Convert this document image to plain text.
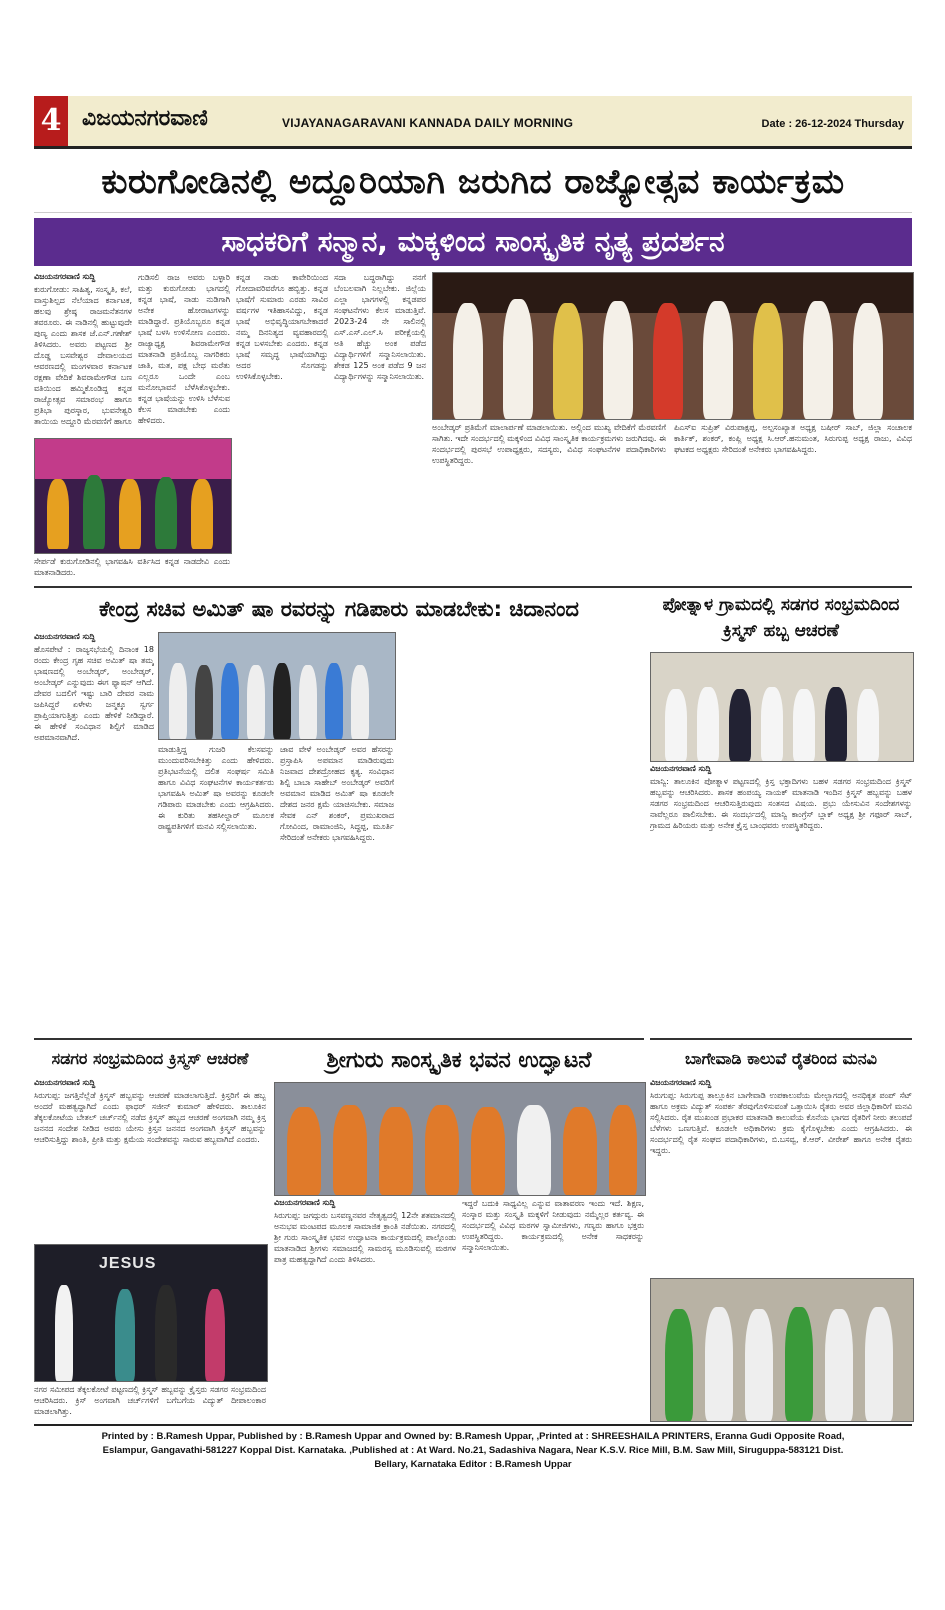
4 ವಿಜಯನಗರವಾಣಿ	VIJAYANAGARAVANI KANNADA DAILY MORNING	Date : 26-12-2024 Thursday
ಕುರುಗೋಡಿನಲ್ಲಿ ಅದ್ದೂರಿಯಾಗಿ ಜರುಗಿದ ರಾಜ್ಯೋತ್ಸವ ಕಾರ್ಯಕ್ರಮ
ಸಾಧಕರಿಗೆ ಸನ್ಮಾನ, ಮಕ್ಕಳಿಂದ ಸಾಂಸ್ಕೃತಿಕ ನೃತ್ಯ ಪ್ರದರ್ಶನ
ವಿಜಯನಗರವಾಣಿ ಸುದ್ದಿ
ಕುರುಗೋಡು: ಸಾಹಿತ್ಯ, ಸಂಸ್ಕೃತಿ, ಕಲೆ, ವಾಸ್ತುಶಿಲ್ಪದ ನೆಲೆಯಾದ ಕರ್ನಾಟಕ, ಹಲವು ಶ್ರೇಷ್ಠ ರಾಜಮನೆತನಗಳ ತವರೂರು. ಈ ನಾಡಿನಲ್ಲಿ ಹುಟ್ಟುವುದೇ ಪುಣ್ಯ ಎಂದು ಶಾಸಕ ಜೆ.ಎನ್.ಗಣೇಶ್ ತಿಳಿಸಿದರು. ಅವರು ಪಟ್ಟಣದ ಶ್ರೀ ದೊಡ್ಡ ಬಸವೇಶ್ವರ ದೇವಾಲಯದ ಆವರಣದಲ್ಲಿ ಮಂಗಳವಾರ ಕರ್ನಾಟಕ ರಕ್ಷಣಾ ವೇದಿಕೆ ಶಿವರಾಮೇಗೌಡ ಬಣ ವತಿಯಿಂದ ಹಮ್ಮಿಕೊಂಡಿದ್ದ ಕನ್ನಡ ರಾಜ್ಯೋತ್ಸವ ಸಮಾರಂಭ ಹಾಗೂ ಪ್ರತಿಭಾ ಪುರಸ್ಕಾರ, ಭುವನೇಶ್ವರಿ ತಾಯಿಯ ಅದ್ದೂರಿ ಮೆರವಣಿಗೆ ಹಾಗೂ
ಗುಡಿಸಲಿ ರಾಜ ಅವರು ಬಳ್ಳಾರಿ ಮತ್ತು ಕುರುಗೋಡು ಭಾಗದಲ್ಲಿ ಕನ್ನಡ ಭಾಷೆ, ನಾಡು ನುಡಿಗಾಗಿ ಅನೇಕ ಹೋರಾಟಗಳನ್ನು ಮಾಡಿದ್ದಾರೆ. ಪ್ರತಿಯೊಬ್ಬರೂ ಕನ್ನಡ ಭಾಷೆ ಬಳಸಿ ಉಳಿಸೋಣ ಎಂದರು. ರಾಜ್ಯಾಧ್ಯಕ್ಷ ಶಿವರಾಮೇಗೌಡ ಮಾತನಾಡಿ ಪ್ರತಿಯೊಬ್ಬ ನಾಗರಿಕರು ಜಾತಿ, ಮತ, ಪಕ್ಷ ಬೇಧ ಮರೆತು ಎಲ್ಲರೂ ಒಂದೇ ಎಂಬ ಮನೋಭಾವನೆ ಬೆಳೆಸಿಕೊಳ್ಳಬೇಕು. ಕನ್ನಡ ಭಾಷೆಯನ್ನು ಉಳಿಸಿ ಬೆಳೆಸುವ ಕೆಲಸ ಮಾಡಬೇಕು ಎಂದು ಹೇಳಿದರು.
ಸೇರ್ಪಡೆ ಕುರುಗೋಡಿನಲ್ಲಿ ಭಾಗವಹಿಸಿ ವರ್ತಿಸಿದ ಕನ್ನಡ ನಾಡದೇವಿ ಎಂದು ಮಾತನಾಡಿದರು.
ಕನ್ನಡ ನಾಡು ಕಾವೇರಿಯಿಂದ ಗೋದಾವರಿವರೆಗೂ ಹಬ್ಬಿತ್ತು. ಕನ್ನಡ ಭಾಷೆಗೆ ಸುಮಾರು ಎರಡು ಸಾವಿರ ವರ್ಷಗಳ ಇತಿಹಾಸವಿದ್ದು, ಕನ್ನಡ ಭಾಷೆ ಅಭಿವೃದ್ಧಿಯಾಗಬೇಕಾದರೆ ನಮ್ಮ ದಿನನಿತ್ಯದ ವ್ಯವಹಾರದಲ್ಲಿ ಕನ್ನಡ ಬಳಸಬೇಕು ಎಂದರು. ಕನ್ನಡ ಭಾಷೆ ಸಮೃದ್ಧ ಭಾಷೆಯಾಗಿದ್ದು ಅದರ ಸೊಗಡನ್ನು ಉಳಿಸಿಕೊಳ್ಳಬೇಕು.
ಸದಾ ಬದ್ಧರಾಗಿದ್ದು ನನಗೆ ಬೆಂಬಲವಾಗಿ ನಿಲ್ಲಬೇಕು. ಜಿಲ್ಲೆಯ ಎಲ್ಲಾ ಭಾಗಗಳಲ್ಲಿ ಕನ್ನಡಪರ ಸಂಘಟನೆಗಳು ಕೆಲಸ ಮಾಡುತ್ತಿವೆ. 2023-24 ನೇ ಸಾಲಿನಲ್ಲಿ ಎಸ್.ಎಸ್.ಎಲ್.ಸಿ ಪರೀಕ್ಷೆಯಲ್ಲಿ ಅತಿ ಹೆಚ್ಚು ಅಂಕ ಪಡೆದ ವಿದ್ಯಾರ್ಥಿಗಳಿಗೆ ಸನ್ಮಾನಿಸಲಾಯಿತು. ಶೇಕಡ 125 ಅಂಕ ಪಡೆದ 9 ಜನ ವಿದ್ಯಾರ್ಥಿಗಳನ್ನು ಸನ್ಮಾನಿಸಲಾಯಿತು.
ಅಂಬೇಡ್ಕರ್ ಪ್ರತಿಮೆಗೆ ಮಾಲಾರ್ಪಣೆ ಮಾಡಲಾಯಿತು. ಅಲ್ಲಿಂದ ಮುಖ್ಯ ವೇದಿಕೆಗೆ ಮೆರವಣಿಗೆ ಸಾಗಿತು. ಇದೇ ಸಂದರ್ಭದಲ್ಲಿ ಮಕ್ಕಳಿಂದ ವಿವಿಧ ಸಾಂಸ್ಕೃತಿಕ ಕಾರ್ಯಕ್ರಮಗಳು ಜರುಗಿದವು. ಈ ಸಂದರ್ಭದಲ್ಲಿ ಪುರಸಭೆ ಉಪಾಧ್ಯಕ್ಷರು, ಸದಸ್ಯರು, ವಿವಿಧ ಸಂಘಟನೆಗಳ ಪದಾಧಿಕಾರಿಗಳು ಉಪಸ್ಥಿತರಿದ್ದರು.
ಪಿಎಸ್ಐ ಸುಪ್ರಿತ್ ವಿರುಪಾಕ್ಷಪ್ಪ, ಅಲ್ಪಸಂಖ್ಯಾತ ಅಧ್ಯಕ್ಷ ಬಷೀರ್ ಸಾಬ್, ಜಿಲ್ಲಾ ಸಂಚಾಲಕ ಕಾರ್ತಿಕ್, ಶಂಕರ್, ಕಂಪ್ಲಿ ಅಧ್ಯಕ್ಷ ಸಿ.ಆರ್.ಹನುಮಂತ, ಸಿರುಗುಪ್ಪ ಅಧ್ಯಕ್ಷ ರಾಜು, ವಿವಿಧ ಘಟಕದ ಅಧ್ಯಕ್ಷರು ಸೇರಿದಂತೆ ಅನೇಕರು ಭಾಗವಹಿಸಿದ್ದರು.
ಕೇಂದ್ರ ಸಚಿವ ಅಮಿತ್ ಷಾ ರವರನ್ನು ಗಡಿಪಾರು ಮಾಡಬೇಕು: ಚಿದಾನಂದ
ವಿಜಯನಗರವಾಣಿ ಸುದ್ದಿ
ಹೊಸಪೇಟೆ : ರಾಜ್ಯಸಭೆಯಲ್ಲಿ ದಿನಾಂಕ 18 ರಂದು ಕೇಂದ್ರ ಗೃಹ ಸಚಿವ ಅಮಿತ್ ಷಾ ತಮ್ಮ ಭಾಷಣದಲ್ಲಿ ಅಂಬೇಡ್ಕರ್, ಅಂಬೇಡ್ಕರ್, ಅಂಬೇಡ್ಕರ್ ಎನ್ನುವುದು ಈಗ ಫ್ಯಾಷನ್ ಆಗಿದೆ. ದೇವರ ಬದಲಿಗೆ ಇಷ್ಟು ಬಾರಿ ದೇವರ ನಾಮ ಜಪಿಸಿದ್ದರೆ ಏಳೇಳು ಜನ್ಮಕ್ಕೂ ಸ್ವರ್ಗ ಪ್ರಾಪ್ತಿಯಾಗುತ್ತಿತ್ತು ಎಂದು ಹೇಳಿಕೆ ನೀಡಿದ್ದಾರೆ. ಈ ಹೇಳಿಕೆ ಸಂವಿಧಾನ ಶಿಲ್ಪಿಗೆ ಮಾಡಿದ ಅಪಮಾನವಾಗಿದೆ.
ಮಾಡುತ್ತಿದ್ದ ಗುಜರಿ ಕೆಲಸವನ್ನು ಮುಂದುವರಿಸಬೇಕಿತ್ತು ಎಂದು ಹೇಳಿದರು. ಪ್ರತಿಭಟನೆಯಲ್ಲಿ ದಲಿತ ಸಂಘರ್ಷ ಸಮಿತಿ ಹಾಗೂ ವಿವಿಧ ಸಂಘಟನೆಗಳ ಕಾರ್ಯಕರ್ತರು ಭಾಗವಹಿಸಿ ಅಮಿತ್ ಷಾ ಅವರನ್ನು ಕೂಡಲೇ ಗಡಿಪಾರು ಮಾಡಬೇಕು ಎಂದು ಆಗ್ರಹಿಸಿದರು. ಈ ಕುರಿತು ತಹಸೀಲ್ದಾರ್ ಮೂಲಕ ರಾಷ್ಟ್ರಪತಿಗಳಿಗೆ ಮನವಿ ಸಲ್ಲಿಸಲಾಯಿತು.
ಜಾವ ವೇಳೆ ಅಂಬೇಡ್ಕರ್ ಅವರ ಹೆಸರನ್ನು ಪ್ರಸ್ತಾಪಿಸಿ ಅಪಮಾನ ಮಾಡಿರುವುದು ನಿಜವಾದ ದೇಶದ್ರೋಹದ ಕೃತ್ಯ. ಸಂವಿಧಾನ ಶಿಲ್ಪಿ ಬಾಬಾ ಸಾಹೇಬ್ ಅಂಬೇಡ್ಕರ್ ಅವರಿಗೆ ಅವಮಾನ ಮಾಡಿದ ಅಮಿತ್ ಷಾ ಕೂಡಲೇ ದೇಶದ ಜನರ ಕ್ಷಮೆ ಯಾಚಿಸಬೇಕು. ಸಮಾಜ ಸೇವಕ ಎನ್ ಶಂಕರ್, ಪ್ರಮುಖರಾದ ಗೋವಿಂದ, ರಾಮಾಂಜಿನಿ, ಸಿದ್ಧಪ್ಪ, ಮೂರ್ತಿ ಸೇರಿದಂತೆ ಅನೇಕರು ಭಾಗವಹಿಸಿದ್ದರು.
ಪೋತ್ನಾಳ ಗ್ರಾಮದಲ್ಲಿ ಸಡಗರ ಸಂಭ್ರಮದಿಂದ ಕ್ರಿಸ್ಮಸ್ ಹಬ್ಬ ಆಚರಣೆ
ವಿಜಯನಗರವಾಣಿ ಸುದ್ದಿ
ಮಾನ್ವಿ: ತಾಲೂಕಿನ ಪೋತ್ನಾಳ ಪಟ್ಟಣದಲ್ಲಿ ಕ್ರಿಸ್ತ ಭಕ್ತಾದಿಗಳು ಬಹಳ ಸಡಗರ ಸಂಭ್ರಮದಿಂದ ಕ್ರಿಸ್ಮಸ್ ಹಬ್ಬವನ್ನು ಆಚರಿಸಿದರು. ಶಾಸಕ ಹಂಪಯ್ಯ ನಾಯಕ್ ಮಾತನಾಡಿ ಇಂದಿನ ಕ್ರಿಸ್ಮಸ್ ಹಬ್ಬವನ್ನು ಬಹಳ ಸಡಗರ ಸಂಭ್ರಮದಿಂದ ಆಚರಿಸುತ್ತಿರುವುದು ಸಂತಸದ ವಿಷಯ. ಪ್ರಭು ಯೇಸುವಿನ ಸಂದೇಶಗಳನ್ನು ನಾವೆಲ್ಲರೂ ಪಾಲಿಸಬೇಕು. ಈ ಸಂದರ್ಭದಲ್ಲಿ ಮಾನ್ವಿ ಕಾಂಗ್ರೆಸ್ ಬ್ಲಾಕ್ ಅಧ್ಯಕ್ಷ ಶ್ರೀ ಗಫೂರ್ ಸಾಬ್, ಗ್ರಾಮದ ಹಿರಿಯರು ಮತ್ತು ಅನೇಕ ಕ್ರೈಸ್ತ ಬಾಂಧವರು ಉಪಸ್ಥಿತರಿದ್ದರು.
ಸಡಗರ ಸಂಭ್ರಮದಿಂದ ಕ್ರಿಸ್ಮಸ್ ಆಚರಣೆ
ವಿಜಯನಗರವಾಣಿ ಸುದ್ದಿ
ಸಿರುಗುಪ್ಪ: ಜಗತ್ತಿನೆಲ್ಲೆಡೆ ಕ್ರಿಸ್ಮಸ್ ಹಬ್ಬವನ್ನು ಆಚರಣೆ ಮಾಡಲಾಗುತ್ತಿದೆ. ಕ್ರಿಸ್ತರಿಗೆ ಈ ಹಬ್ಬ ಅಂದರೆ ಮಹತ್ವದ್ದಾಗಿದೆ ಎಂದು ಫಾಧರ್ ಸಜೀನ್ ಕುಮಾರ್ ಹೇಳಿದರು. ತಾಲೂಕಿನ ತೆಕ್ಕಲಕೋಟೆಯ ಬೇತಲ್ ಚರ್ಚ್‌ನಲ್ಲಿ ನಡೆದ ಕ್ರಿಸ್ಮಸ್ ಹಬ್ಬದ ಆಚರಣೆ ಅಂಗವಾಗಿ ನಮ್ಮ ಕ್ರಿಸ್ತ ಜನನದ ಸಂದೇಶ ನೀಡಿದ ಅವರು ಯೇಸು ಕ್ರಿಸ್ತನ ಜನನದ ಅಂಗವಾಗಿ ಕ್ರಿಸ್ಮಸ್ ಹಬ್ಬವನ್ನು ಆಚರಿಸುತ್ತಿದ್ದು ಶಾಂತಿ, ಪ್ರೀತಿ ಮತ್ತು ಕ್ಷಮೆಯ ಸಂದೇಶವನ್ನು ಸಾರುವ ಹಬ್ಬವಾಗಿದೆ ಎಂದರು.
JESUS
ನಗರ ಸಮೀಪದ ತೆಕ್ಕಲಕೋಟೆ ಪಟ್ಟಣದಲ್ಲಿ ಕ್ರಿಸ್ಮಸ್ ಹಬ್ಬವನ್ನು ಕ್ರೈಸ್ತರು ಸಡಗರ ಸಂಭ್ರಮದಿಂದ ಆಚರಿಸಿದರು. ಕ್ರಿಸ್ ಅಂಗವಾಗಿ ಚರ್ಚ್‌ಗಳಿಗೆ ಬಗೆಬಗೆಯ ವಿದ್ಯುತ್ ದೀಪಾಲಂಕಾರ ಮಾಡಲಾಗಿತ್ತು.
ಶ್ರೀಗುರು ಸಾಂಸ್ಕೃತಿಕ ಭವನ ಉದ್ಘಾಟನೆ
ವಿಜಯನಗರವಾಣಿ ಸುದ್ದಿ
ಸಿರುಗುಪ್ಪ: ಜಗದ್ಗುರು ಬಸವಣ್ಣನವರ ನೇತೃತ್ವದಲ್ಲಿ 12ನೇ ಶತಮಾನದಲ್ಲಿ ಅನುಭವ ಮಂಟಪದ ಮೂಲಕ ಸಾಮಾಜಿಕ ಕ್ರಾಂತಿ ನಡೆಯಿತು. ನಗರದಲ್ಲಿ ಶ್ರೀ ಗುರು ಸಾಂಸ್ಕೃತಿಕ ಭವನ ಉದ್ಘಾಟನಾ ಕಾರ್ಯಕ್ರಮದಲ್ಲಿ ಪಾಲ್ಗೊಂಡು ಮಾತನಾಡಿದ ಶ್ರೀಗಳು ಸಮಾಜದಲ್ಲಿ ಸಾಮರಸ್ಯ ಮೂಡಿಸುವಲ್ಲಿ ಮಠಗಳ ಪಾತ್ರ ಮಹತ್ವದ್ದಾಗಿದೆ ಎಂದು ತಿಳಿಸಿದರು.
ಇದ್ದರೆ ಬದುಕಿ ಸಾಧ್ಯವಿಲ್ಲ ಎನ್ನುವ ವಾತಾವರಣ ಇಂದು ಇದೆ. ಶಿಕ್ಷಣ, ಸಂಸ್ಕಾರ ಮತ್ತು ಸಂಸ್ಕೃತಿ ಮಕ್ಕಳಿಗೆ ನೀಡುವುದು ನಮ್ಮೆಲ್ಲರ ಕರ್ತವ್ಯ. ಈ ಸಂದರ್ಭದಲ್ಲಿ ವಿವಿಧ ಮಠಗಳ ಸ್ವಾಮೀಜಿಗಳು, ಗಣ್ಯರು ಹಾಗೂ ಭಕ್ತರು ಉಪಸ್ಥಿತರಿದ್ದರು. ಕಾರ್ಯಕ್ರಮದಲ್ಲಿ ಅನೇಕ ಸಾಧಕರನ್ನು ಸನ್ಮಾನಿಸಲಾಯಿತು.
ಬಾಗೇವಾಡಿ ಕಾಲುವೆ ರೈತರಿಂದ ಮನವಿ
ವಿಜಯನಗರವಾಣಿ ಸುದ್ದಿ
ಸಿರುಗುಪ್ಪ: ಸಿರುಗುಪ್ಪ ತಾಲ್ಲೂಕಿನ ಬಾಗೇವಾಡಿ ಉಪಕಾಲುವೆಯ ಮೇಲ್ಭಾಗದಲ್ಲಿ ಅನಧಿಕೃತ ಪಂಪ್ ಸೆಟ್ ಹಾಗೂ ಅಕ್ರಮ ವಿದ್ಯುತ್ ಸಂಪರ್ಕ ತೆರವುಗೊಳಿಸುವಂತೆ ಒತ್ತಾಯಿಸಿ ರೈತರು ಅವರ ಜಿಲ್ಲಾಧಿಕಾರಿಗೆ ಮನವಿ ಸಲ್ಲಿಸಿದರು. ರೈತ ಮುಖಂಡ ಪ್ರಭಾಕರ ಮಾತನಾಡಿ ಕಾಲುವೆಯ ಕೊನೆಯ ಭಾಗದ ರೈತರಿಗೆ ನೀರು ತಲುಪದೆ ಬೆಳೆಗಳು ಒಣಗುತ್ತಿವೆ. ಕೂಡಲೇ ಅಧಿಕಾರಿಗಳು ಕ್ರಮ ಕೈಗೊಳ್ಳಬೇಕು ಎಂದು ಆಗ್ರಹಿಸಿದರು. ಈ ಸಂದರ್ಭದಲ್ಲಿ ರೈತ ಸಂಘದ ಪದಾಧಿಕಾರಿಗಳು, ಬಿ.ಬಸವ್ವ, ಕೆ.ಆರ್. ವೀರೇಶ್ ಹಾಗೂ ಅನೇಕ ರೈತರು ಇದ್ದರು.
Printed by : B.Ramesh Uppar, Published by : B.Ramesh Uppar and Owned by: B.Ramesh Uppar, ,Printed at : SHREESHAILA PRINTERS, Eranna Gudi Opposite Road,
Eslampur, Gangavathi-581227 Koppal Dist. Karnataka. ,Published at : At Ward. No.21, Sadashiva Nagara, Near K.S.V. Rice Mill, B.M. Saw Mill, Siruguppa-583121 Dist.
Bellary, Karnataka Editor : B.Ramesh Uppar
